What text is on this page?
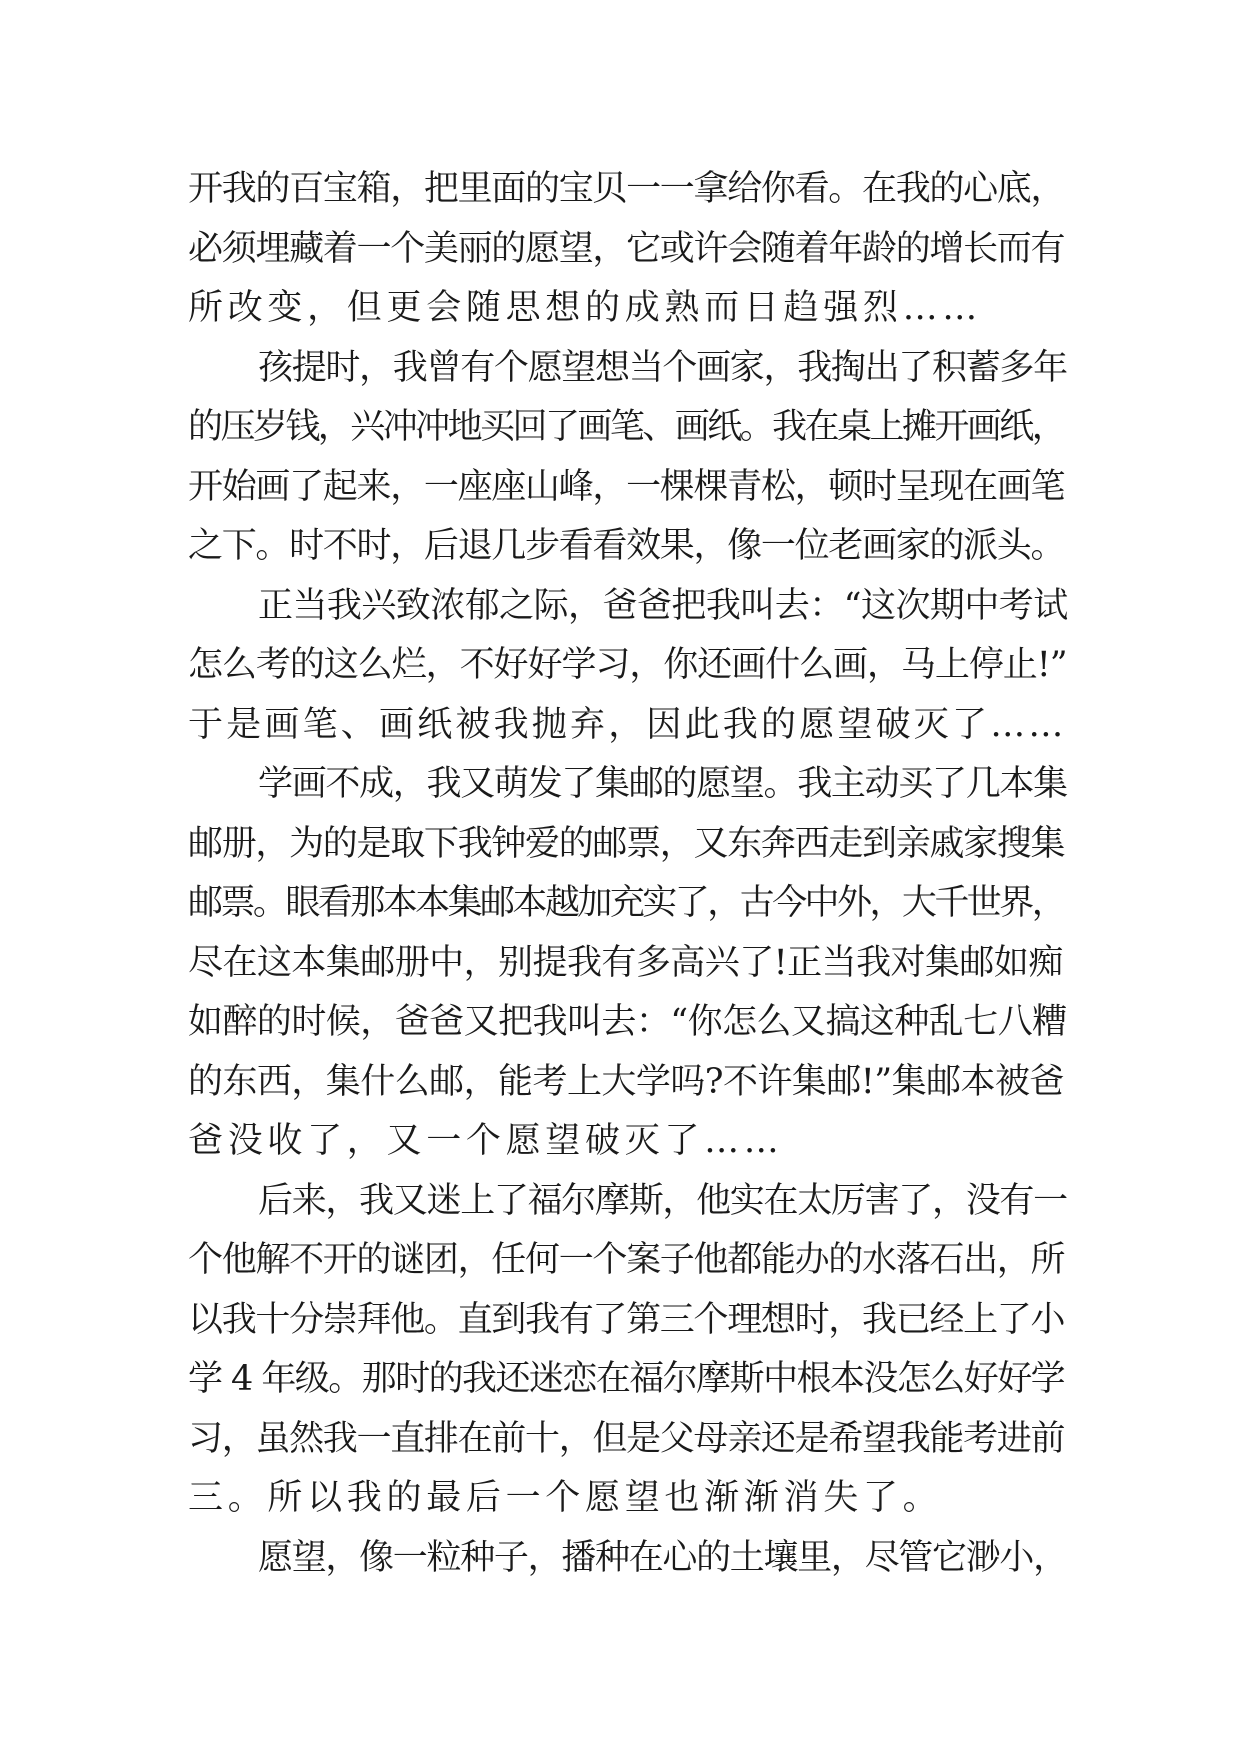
开我的百宝箱，把里面的宝贝一一拿给你看。在我的心底，
必须埋藏着一个美丽的愿望，它或许会随着年龄的增长而有
所改变，但更会随思想的成熟而日趋强烈……
孩提时，我曾有个愿望想当个画家，我掏出了积蓄多年
的压岁钱，兴冲冲地买回了画笔、画纸。我在桌上摊开画纸，
开始画了起来，一座座山峰，一棵棵青松，顿时呈现在画笔
之下。时不时，后退几步看看效果，像一位老画家的派头。
正当我兴致浓郁之际，爸爸把我叫去：“这次期中考试
怎么考的这么烂，不好好学习，你还画什么画，马上停止!”
于是画笔、画纸被我抛弃，因此我的愿望破灭了……
学画不成，我又萌发了集邮的愿望。我主动买了几本集
邮册，为的是取下我钟爱的邮票，又东奔西走到亲戚家搜集
邮票。眼看那本本集邮本越加充实了，古今中外，大千世界，
尽在这本集邮册中，别提我有多高兴了!正当我对集邮如痴
如醉的时候，爸爸又把我叫去：“你怎么又搞这种乱七八糟
的东西，集什么邮，能考上大学吗?不许集邮!”集邮本被爸
爸没收了，又一个愿望破灭了……
后来，我又迷上了福尔摩斯，他实在太厉害了，没有一
个他解不开的谜团，任何一个案子他都能办的水落石出，所
以我十分崇拜他。直到我有了第三个理想时，我已经上了小
学 4 年级。那时的我还迷恋在福尔摩斯中根本没怎么好好学
习，虽然我一直排在前十，但是父母亲还是希望我能考进前
三。所以我的最后一个愿望也渐渐消失了。
愿望，像一粒种子，播种在心的土壤里，尽管它渺小，
